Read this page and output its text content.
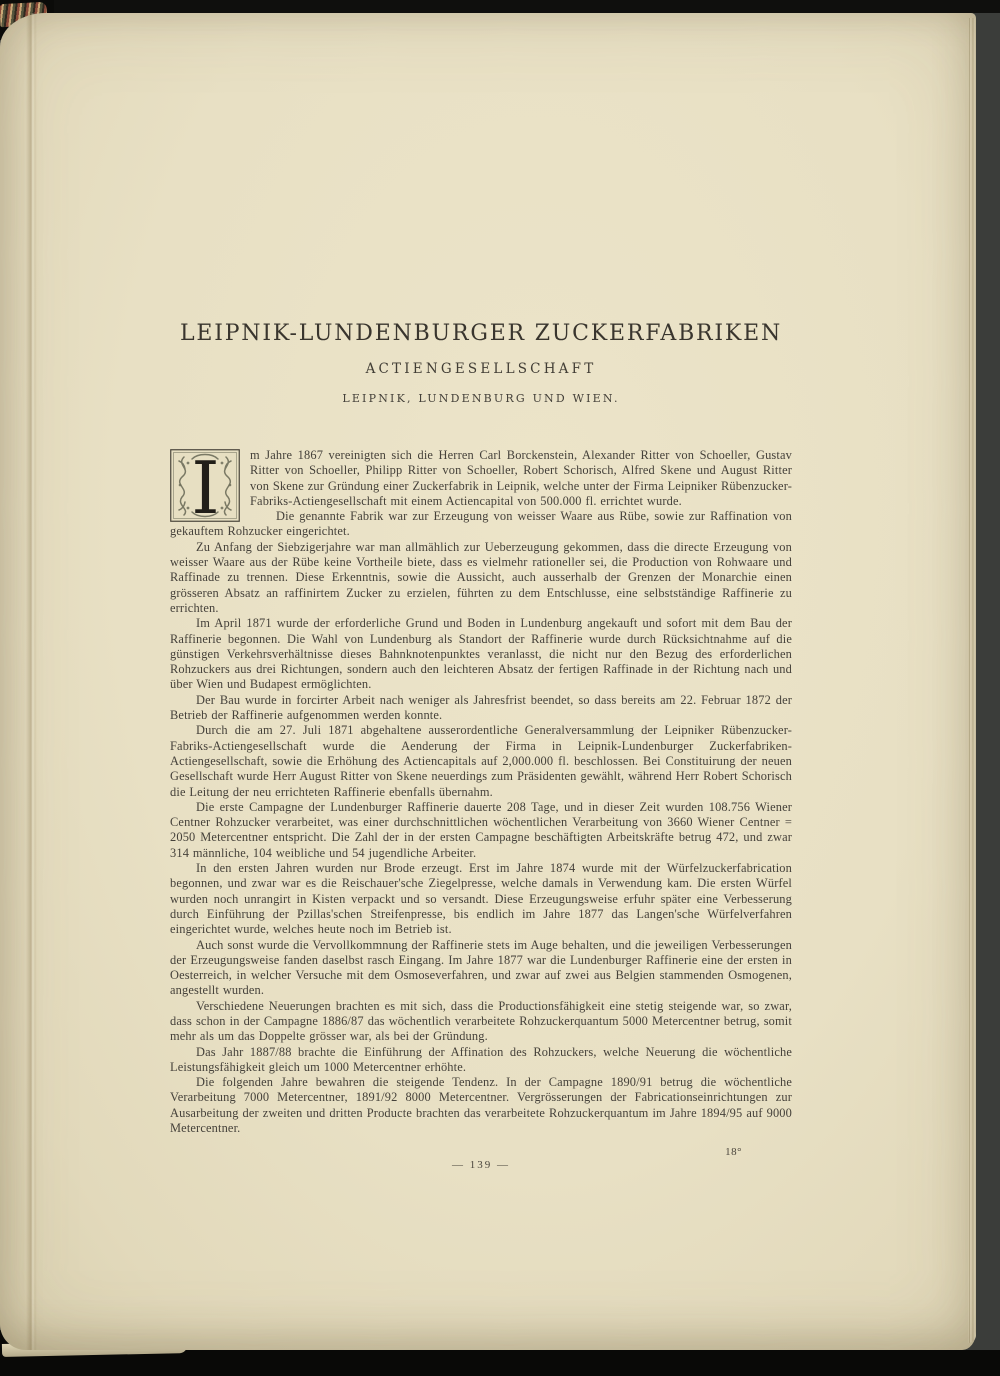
LEIPNIK-LUNDENBURGER ZUCKERFABRIKEN
ACTIENGESELLSCHAFT
LEIPNIK, LUNDENBURG UND WIEN.

I m Jahre 1867 vereinigten sich die Herren Carl Borckenstein, Alexander Ritter von Schoeller, Gustav Ritter von Schoeller, Philipp Ritter von Schoeller, Robert Schorisch, Alfred Skene und August Ritter von Skene zur Gründung einer Zuckerfabrik in Leipnik, welche unter der Firma Leipniker Rübenzucker-Fabriks-Actiengesellschaft mit einem Actiencapital von 500.000 fl. errichtet wurde.

Die genannte Fabrik war zur Erzeugung von weisser Waare aus Rübe, sowie zur Raffination von gekauftem Rohzucker eingerichtet.

Zu Anfang der Siebzigerjahre war man allmählich zur Ueberzeugung gekommen, dass die directe Erzeugung von weisser Waare aus der Rübe keine Vortheile biete, dass es vielmehr rationeller sei, die Production von Rohwaare und Raffinade zu trennen. Diese Erkenntnis, sowie die Aussicht, auch ausserhalb der Grenzen der Monarchie einen grösseren Absatz an raffinirtem Zucker zu erzielen, führten zu dem Entschlusse, eine selbstständige Raffinerie zu errichten.

Im April 1871 wurde der erforderliche Grund und Boden in Lundenburg angekauft und sofort mit dem Bau der Raffinerie begonnen. Die Wahl von Lundenburg als Standort der Raffinerie wurde durch Rücksichtnahme auf die günstigen Verkehrsverhältnisse dieses Bahnknotenpunktes veranlasst, die nicht nur den Bezug des erforderlichen Rohzuckers aus drei Richtungen, sondern auch den leichteren Absatz der fertigen Raffinade in der Richtung nach und über Wien und Budapest ermöglichten.

Der Bau wurde in forcirter Arbeit nach weniger als Jahresfrist beendet, so dass bereits am 22. Februar 1872 der Betrieb der Raffinerie aufgenommen werden konnte.

Durch die am 27. Juli 1871 abgehaltene ausserordentliche Generalversammlung der Leipniker Rübenzucker-Fabriks-Actiengesellschaft wurde die Aenderung der Firma in Leipnik-Lundenburger Zuckerfabriken-Actiengesellschaft, sowie die Erhöhung des Actiencapitals auf 2,000.000 fl. beschlossen. Bei Constituirung der neuen Gesellschaft wurde Herr August Ritter von Skene neuerdings zum Präsidenten gewählt, während Herr Robert Schorisch die Leitung der neu errichteten Raffinerie ebenfalls übernahm.

Die erste Campagne der Lundenburger Raffinerie dauerte 208 Tage, und in dieser Zeit wurden 108.756 Wiener Centner Rohzucker verarbeitet, was einer durchschnittlichen wöchentlichen Verarbeitung von 3660 Wiener Centner = 2050 Metercentner entspricht. Die Zahl der in der ersten Campagne beschäftigten Arbeitskräfte betrug 472, und zwar 314 männliche, 104 weibliche und 54 jugendliche Arbeiter.

In den ersten Jahren wurden nur Brode erzeugt. Erst im Jahre 1874 wurde mit der Würfelzuckerfabrication begonnen, und zwar war es die Reischauer'sche Ziegelpresse, welche damals in Verwendung kam. Die ersten Würfel wurden noch unrangirt in Kisten verpackt und so versandt. Diese Erzeugungsweise erfuhr später eine Verbesserung durch Einführung der Pzillas'schen Streifenpresse, bis endlich im Jahre 1877 das Langen'sche Würfelverfahren eingerichtet wurde, welches heute noch im Betrieb ist.

Auch sonst wurde die Vervollkommnung der Raffinerie stets im Auge behalten, und die jeweiligen Verbesserungen der Erzeugungsweise fanden daselbst rasch Eingang. Im Jahre 1877 war die Lundenburger Raffinerie eine der ersten in Oesterreich, in welcher Versuche mit dem Osmoseverfahren, und zwar auf zwei aus Belgien stammenden Osmogenen, angestellt wurden.

Verschiedene Neuerungen brachten es mit sich, dass die Productionsfähigkeit eine stetig steigende war, so zwar, dass schon in der Campagne 1886/87 das wöchentlich verarbeitete Rohzuckerquantum 5000 Metercentner betrug, somit mehr als um das Doppelte grösser war, als bei der Gründung.

Das Jahr 1887/88 brachte die Einführung der Affination des Rohzuckers, welche Neuerung die wöchentliche Leistungsfähigkeit gleich um 1000 Metercentner erhöhte.

Die folgenden Jahre bewahren die steigende Tendenz. In der Campagne 1890/91 betrug die wöchentliche Verarbeitung 7000 Metercentner, 1891/92 8000 Metercentner. Vergrösserungen der Fabricationseinrichtungen zur Ausarbeitung der zweiten und dritten Producte brachten das verarbeitete Rohzuckerquantum im Jahre 1894/95 auf 9000 Metercentner.

18°
— 139 —
